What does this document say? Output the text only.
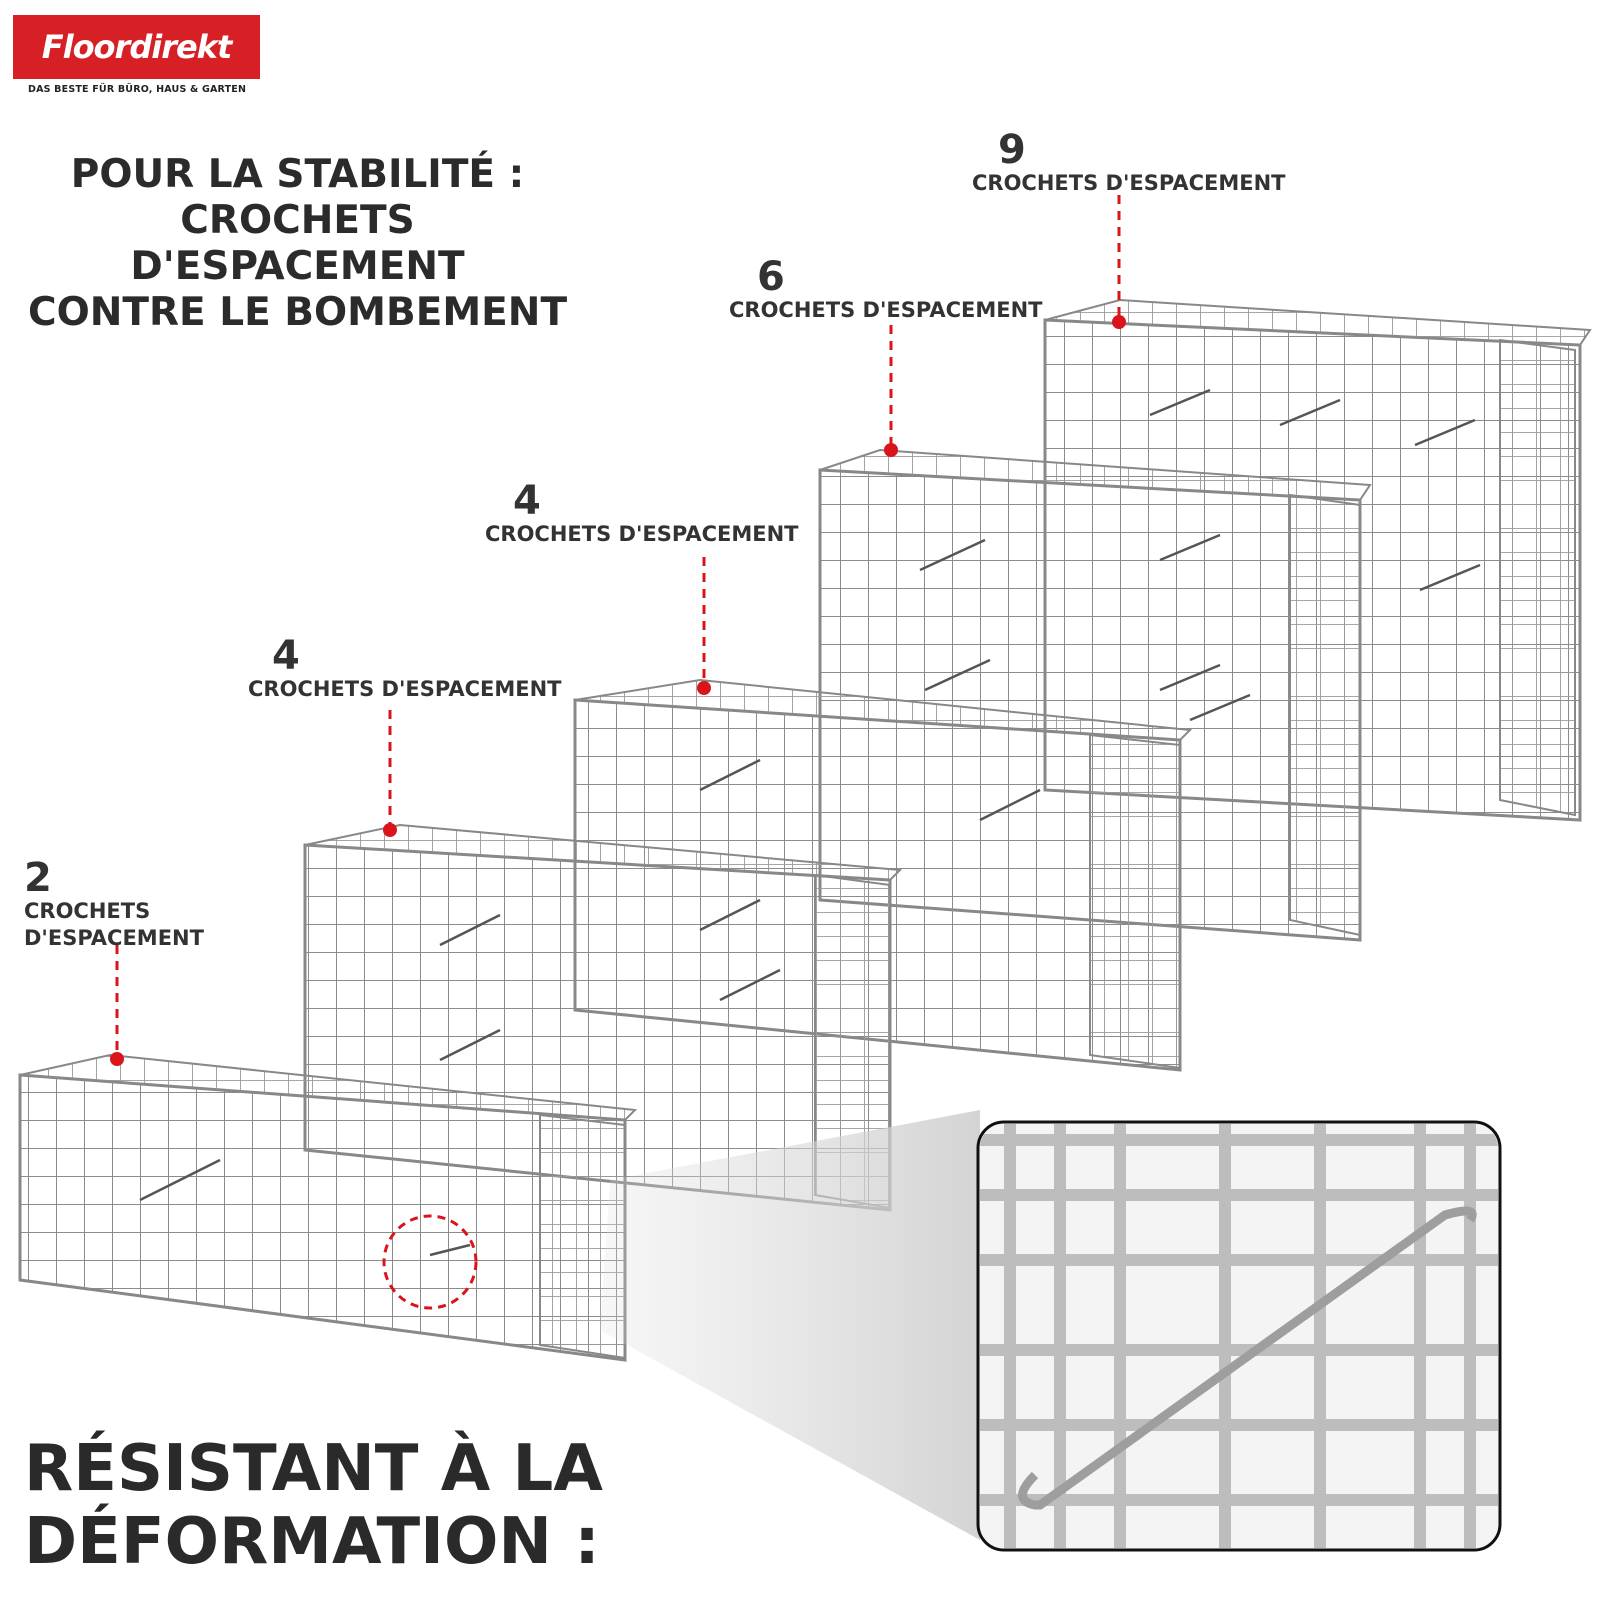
Floordirekt
DAS BESTE FÜR BÜRO, HAUS & GARTEN
POUR LA STABILITÉ :
CROCHETS
D'ESPACEMENT
CONTRE LE BOMBEMENT
2
CROCHETS
D'ESPACEMENT
4
CROCHETS D'ESPACEMENT
4
CROCHETS D'ESPACEMENT
6
CROCHETS D'ESPACEMENT
9
CROCHETS D'ESPACEMENT
RÉSISTANT À LA
DÉFORMATION :
